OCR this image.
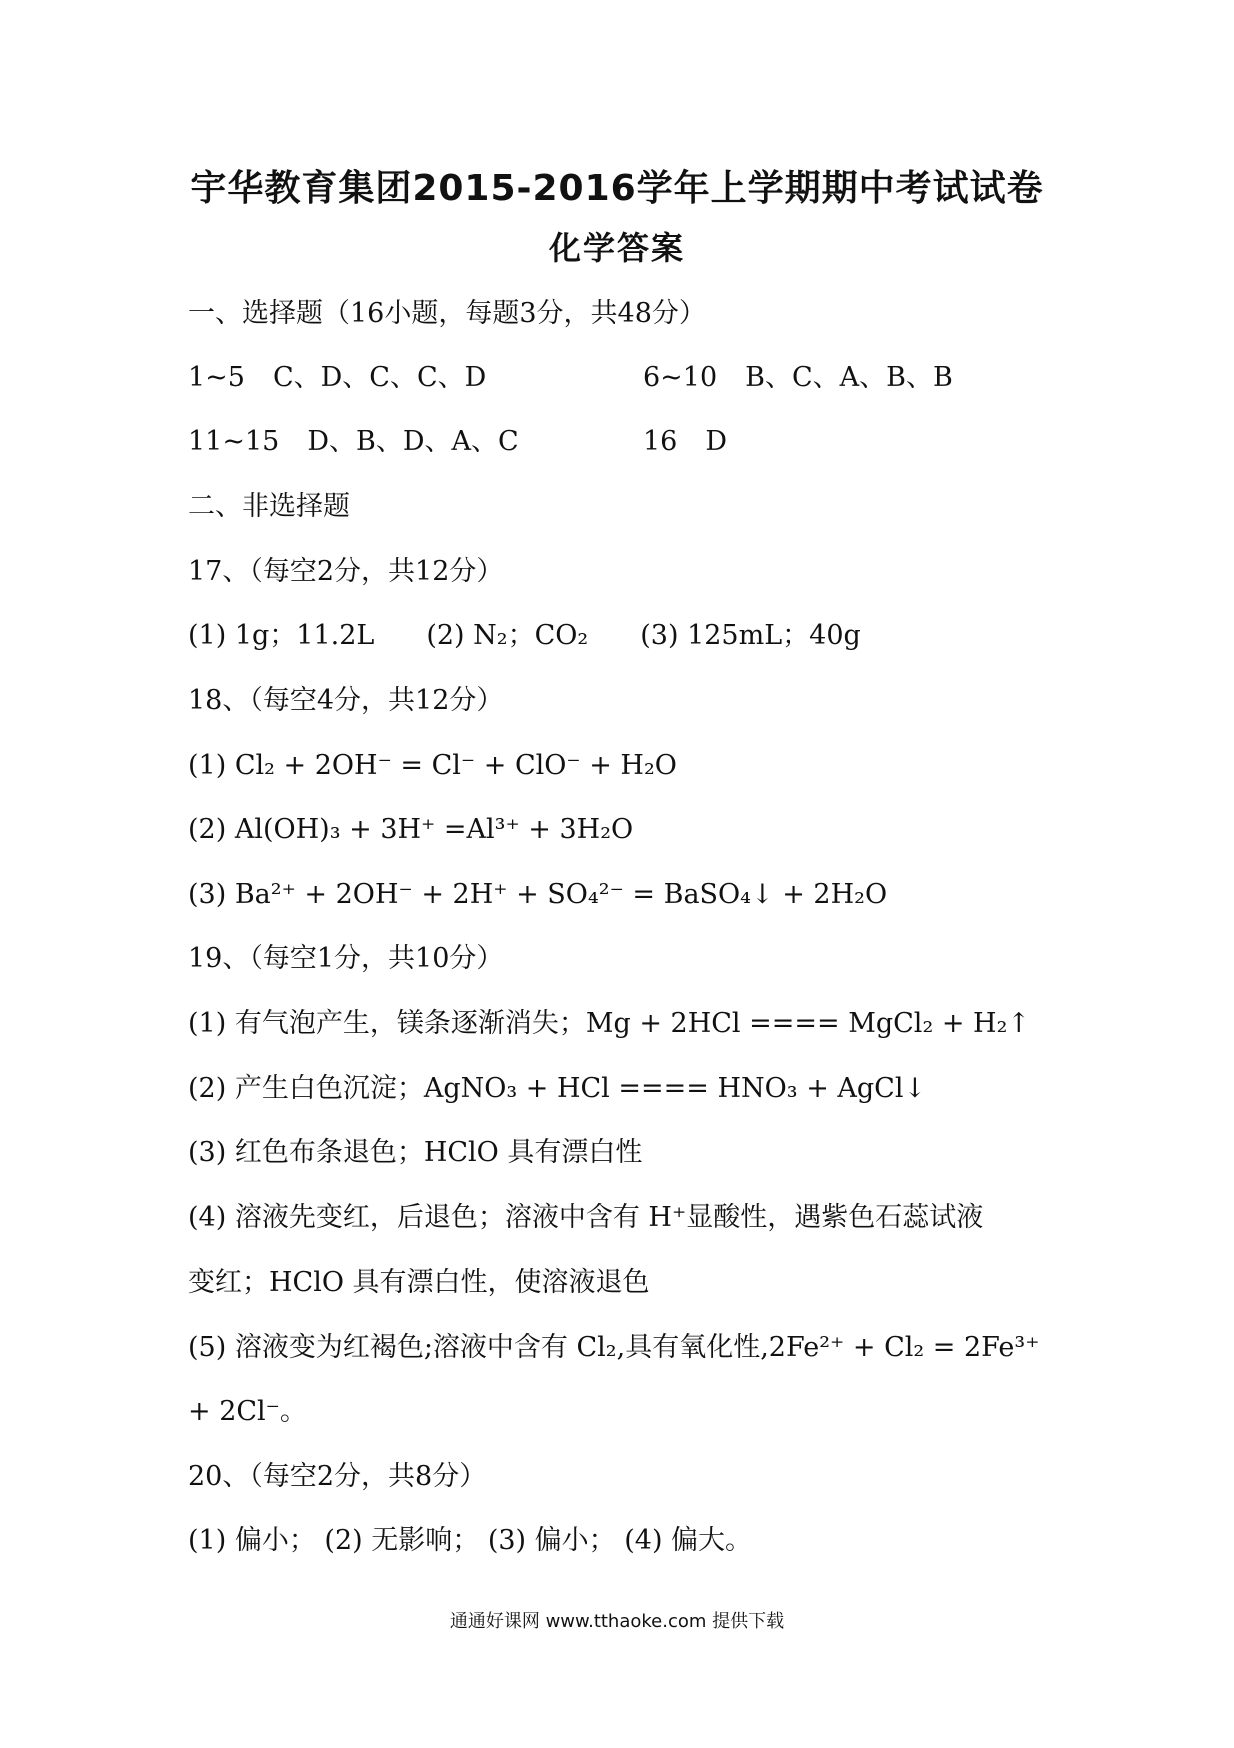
宇华教育集团2015-2016学年上学期期中考试试卷
化学答案
一、选择题（16小题，每题3分，共48分）
1~5 C、D、C、C、D	6~10 B、C、A、B、B
11~15 D、B、D、A、C	16 D
二、非选择题
17、（每空2分，共12分）
(1) 1g；11.2L (2) N₂；CO₂ (3) 125mL；40g
18、（每空4分，共12分）
(1) Cl₂ + 2OH⁻ = Cl⁻ + ClO⁻ + H₂O
(2) Al(OH)₃ + 3H⁺ =Al³⁺ + 3H₂O
(3) Ba²⁺ + 2OH⁻ + 2H⁺ + SO₄²⁻ = BaSO₄↓ + 2H₂O
19、（每空1分，共10分）
(1) 有气泡产生，镁条逐渐消失；Mg + 2HCl ==== MgCl₂ + H₂↑
(2) 产生白色沉淀；AgNO₃ + HCl ==== HNO₃ + AgCl↓
(3) 红色布条退色；HClO 具有漂白性
(4) 溶液先变红，后退色；溶液中含有 H⁺显酸性，遇紫色石蕊试液
变红；HClO 具有漂白性，使溶液退色
(5) 溶液变为红褐色;溶液中含有 Cl₂,具有氧化性,2Fe²⁺ + Cl₂ = 2Fe³⁺
+ 2Cl⁻。
20、（每空2分，共8分）
(1) 偏小； (2) 无影响； (3) 偏小； (4) 偏大。
通通好课网 www.tthaoke.com 提供下载
